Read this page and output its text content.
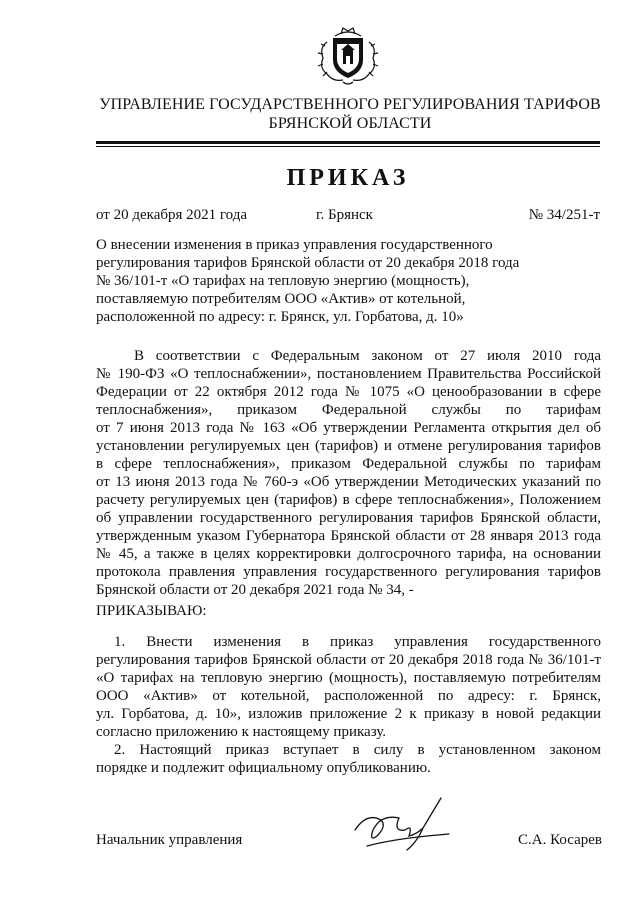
УПРАВЛЕНИЕ ГОСУДАРСТВЕННОГО РЕГУЛИРОВАНИЯ ТАРИФОВ
БРЯНСКОЙ ОБЛАСТИ
ПРИКАЗ
от 20 декабря 2021 года	г. Брянск	№ 34/251-т
О внесении изменения в приказ управления государственного
регулирования тарифов Брянской области от 20 декабря 2018 года
№ 36/101-т «О тарифах на тепловую энергию (мощность),
поставляемую потребителям ООО «Актив» от котельной,
расположенной по адресу: г. Брянск, ул. Горбатова, д. 10»
В соответствии с Федеральным законом от 27 июля 2010 года
№ 190-ФЗ «О теплоснабжении», постановлением Правительства Российской
Федерации от 22 октября 2012 года № 1075 «О ценообразовании в сфере
теплоснабжения», приказом Федеральной службы по тарифам
от 7 июня 2013 года № 163 «Об утверждении Регламента открытия дел об
установлении регулируемых цен (тарифов) и отмене регулирования тарифов
в сфере теплоснабжения», приказом Федеральной службы по тарифам
от 13 июня 2013 года № 760-э «Об утверждении Методических указаний по
расчету регулируемых цен (тарифов) в сфере теплоснабжения», Положением
об управлении государственного регулирования тарифов Брянской области,
утвержденным указом Губернатора Брянской области от 28 января 2013 года
№ 45, а также в целях корректировки долгосрочного тарифа, на основании
протокола правления управления государственного регулирования тарифов
Брянской области от 20 декабря 2021 года № 34, -
ПРИКАЗЫВАЮ:
1. Внести изменения в приказ управления государственного
регулирования тарифов Брянской области от 20 декабря 2018 года № 36/101-т
«О тарифах на тепловую энергию (мощность), поставляемую потребителям
ООО «Актив» от котельной, расположенной по адресу: г. Брянск,
ул. Горбатова, д. 10», изложив приложение 2 к приказу в новой редакции
согласно приложению к настоящему приказу.
2. Настоящий приказ вступает в силу в установленном законом
порядке и подлежит официальному опубликованию.
Начальник управления	С.А. Косарев
